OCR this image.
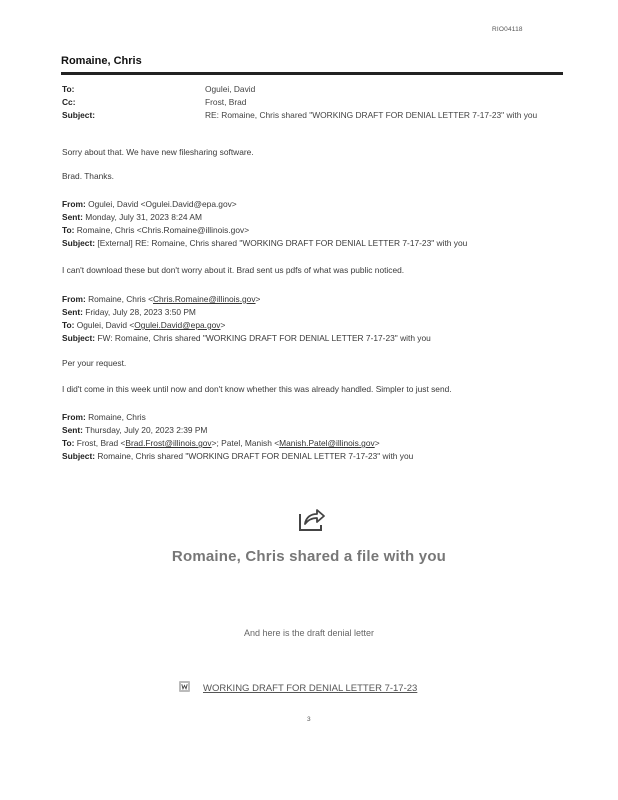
RIO04118
Romaine, Chris
To:	Ogulei, David
Cc:	Frost, Brad
Subject:	RE: Romaine, Chris shared "WORKING DRAFT FOR DENIAL LETTER 7-17-23" with you
Sorry about that. We have new filesharing software.
Brad. Thanks.
From: Ogulei, David <Ogulei.David@epa.gov>
Sent: Monday, July 31, 2023 8:24 AM
To: Romaine, Chris <Chris.Romaine@illinois.gov>
Subject: [External] RE: Romaine, Chris shared "WORKING DRAFT FOR DENIAL LETTER 7-17-23" with you
I can't download these but don't worry about it. Brad sent us pdfs of what was public noticed.
From: Romaine, Chris <Chris.Romaine@illinois.gov>
Sent: Friday, July 28, 2023 3:50 PM
To: Ogulei, David <Ogulei.David@epa.gov>
Subject: FW: Romaine, Chris shared "WORKING DRAFT FOR DENIAL LETTER 7-17-23" with you
Per your request.
I did't come in this week until now and don't know whether this was already handled. Simpler to just send.
From: Romaine, Chris
Sent: Thursday, July 20, 2023 2:39 PM
To: Frost, Brad <Brad.Frost@illinois.gov>; Patel, Manish <Manish.Patel@illinois.gov>
Subject: Romaine, Chris shared "WORKING DRAFT FOR DENIAL LETTER 7-17-23" with you
Romaine, Chris shared a file with you
And here is the draft denial letter
WORKING DRAFT FOR DENIAL LETTER 7-17-23
3
